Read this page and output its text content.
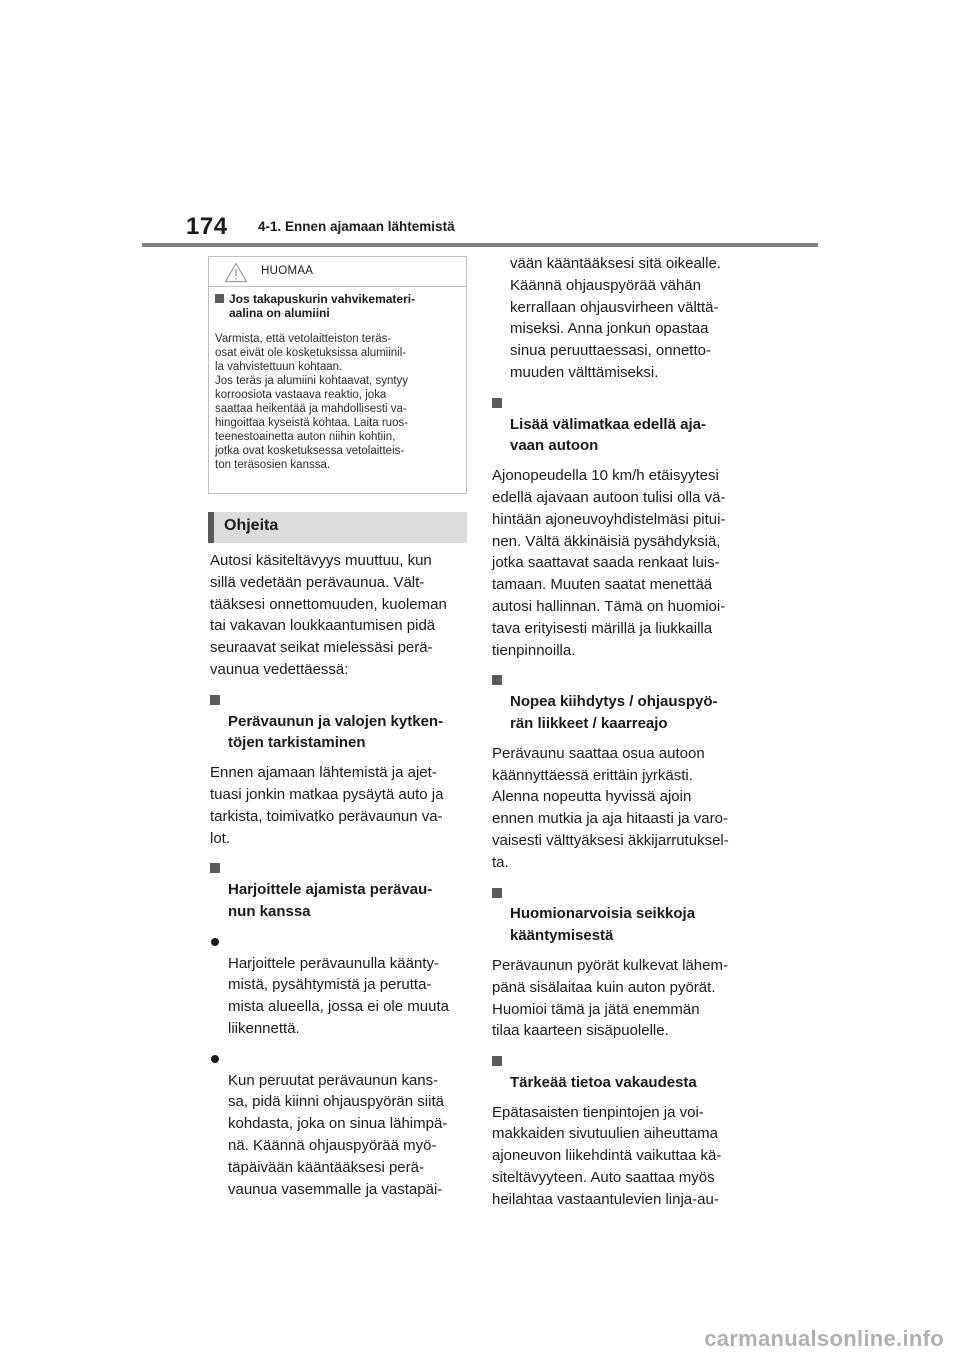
174 4-1. Ennen ajamaan lähtemistä
HUOMAA
Jos takapuskurin vahvikemateri-
aalina on alumiini
Varmista, että vetolaitteiston teräs-
osat eivät ole kosketuksissa alumiinil-
la vahvistettuun kohtaan.
Jos teräs ja alumiini kohtaavat, syntyy
korroosiota vastaava reaktio, joka
saattaa heikentää ja mahdollisesti va-
hingoittaa kyseistä kohtaa. Laita ruos-
teenestoainetta auton niihin kohtiin,
jotka ovat kosketuksessa vetolaitteis-
ton teräsosien kanssa.
Ohjeita

Autosi käsiteltävyys muuttuu, kun
sillä vedetään perävaunua. Vält-
tääksesi onnettomuuden, kuoleman
tai vakavan loukkaantumisen pidä
seuraavat seikat mielessäsi perä-
vaunua vedettäessä:

Perävaunun ja valojen kytken-
töjen tarkistaminen

Ennen ajamaan lähtemistä ja ajet-
tuasi jonkin matkaa pysäytä auto ja
tarkista, toimivatko perävaunun va-
lot.

Harjoittele ajamista perävau-
nun kanssa

Harjoittele perävaunulla käänty-
mistä, pysähtymistä ja perutta-
mista alueella, jossa ei ole muuta
liikennettä.

Kun peruutat perävaunun kans-
sa, pidä kiinni ohjauspyörän siitä
kohdasta, joka on sinua lähimpä-
nä. Käännä ohjauspyörää myö-
täpäivään kääntääksesi perä-
vaunua vasemmalle ja vastapäi-

vään kääntääksesi sitä oikealle.
Käännä ohjauspyörää vähän
kerrallaan ohjausvirheen välttä-
miseksi. Anna jonkun opastaa
sinua peruuttaessasi, onnetto-
muuden välttämiseksi.

Lisää välimatkaa edellä aja-
vaan autoon

Ajonopeudella 10 km/h etäisyytesi
edellä ajavaan autoon tulisi olla vä-
hintään ajoneuvoyhdistelmäsi pitui-
nen. Vältä äkkinäisiä pysähdyksiä,
jotka saattavat saada renkaat luis-
tamaan. Muuten saatat menettää
autosi hallinnan. Tämä on huomioi-
tava erityisesti märillä ja liukkailla
tienpinnoilla.

Nopea kiihdytys / ohjauspyö-
rän liikkeet / kaarreajo

Perävaunu saattaa osua autoon
käännyttäessä erittäin jyrkästi.
Alenna nopeutta hyvissä ajoin
ennen mutkia ja aja hitaasti ja varo-
vaisesti välttyäksesi äkkijarrutuksel-
ta.

Huomionarvoisia seikkoja
kääntymisestä

Perävaunun pyörät kulkevat lähem-
pänä sisälaitaa kuin auton pyörät.
Huomioi tämä ja jätä enemmän
tilaa kaarteen sisäpuolelle.

Tärkeää tietoa vakaudesta

Epätasaisten tienpintojen ja voi-
makkaiden sivutuulien aiheuttama
ajoneuvon liikehdintä vaikuttaa kä-
siteltävyyteen. Auto saattaa myös
heilahtaa vastaantulevien linja-au-

carmanualsonline.info
